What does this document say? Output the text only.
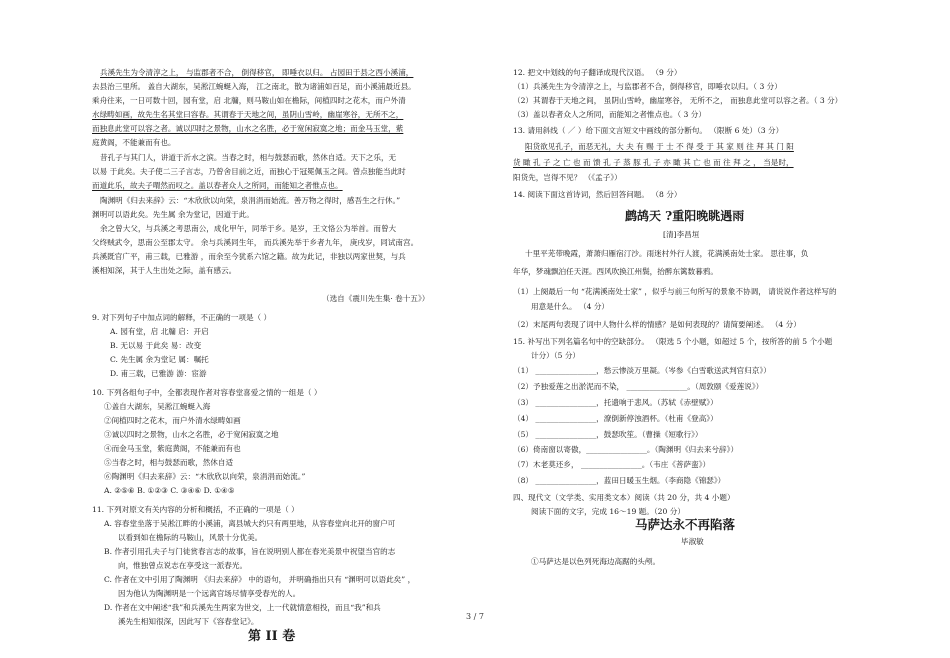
兵溪先生为令清淳之上， 与监郡者不合， 倒得移官， 即唾衣以归。 占园田于县之西小溪浦，
去县治三里所。 盖自大湖东，吴淞江蜿蜒入海， 江之南北，散为诸浦如百足，而小溪浦最近县。
乘舟往来，一日可数十回，园有堂，启 北牖，则马鞍山如在檐际，间植四时之花木，而户外清
水绿畴如画，故先生名其堂曰容春。其谓春于天地之间，虽阴山雪岭，幽崖寒谷，无所不之，
而独息此堂可以容之者。诚以四时之景物，山水之名胜，必于宽闲寂寞之地；而金马玉堂，紫
庭黄阁，不能兼而有也。
昔孔子与其门人，讲道于沂水之滨。当春之时，相与鼓瑟而歌，然休自适。天下之乐，无
以易 于此矣。夫子使二三子言志，乃曾舍目前之近，而独心于冠冕佩玉之间。曾点独能当此时
而道此乐，故夫子喟然而叹之。盖以春者众人之所同，而能知之者惟点也。
陶渊明《归去来辞》云：“木欣欣以向荣，泉涓涓而始流。善万物之得时，感吾生之行休。”
渊明可以语此矣。先生属 余为堂记，因道于此。
余之曾大父，与兵溪之考思南公，成化甲午，同举于乡。是岁，王文恪公为举首。而曾大
父终贼武令，思南公至郡太守。 余与兵溪同生年， 而兵溪先举于乡者九年， 庚戌岁，同试南宫。
兵溪既官广平，甫三载，已雅游 ，而余至今犹系六馆之籍。故为此记，非独以两家世契，与兵
溪相知深，其于人生出处之际，盖有感云。
（选自《震川先生集· 卷十五》）
9. 对下列句子中加点词的解释，不正确的一项是（ ）
A. 园有堂，启 北牖 启：开启
B. 无以易 于此矣 易：改变
C. 先生属 余为堂记 属：嘱托
D. 甫三载，已雅游 游：宦游
10. 下列各组句子中，全都表现作者对容春堂喜爱之情的一组是（ ）
①盖自大湖东，吴淞江蜿蜒入海
②间植四时之花木，而户外清水绿畴如画
③诚以四时之景物，山水之名胜，必于宽闲寂寞之地
④而金马玉堂，紫庭黄阁，不能兼而有也
⑤当春之时，相与鼓瑟而歌，然休自适
⑥陶渊明《归去来辞》云：“木欣欣以向荣，泉涓涓而始流。”
A. ②⑤⑥ B. ①②③ C. ③④⑥ D. ①④⑤
11. 下列对原文有关内容的分析和概括，不正确的一项是（ ）
A. 容春堂坐落于吴淞江畔的小溪浦，离县城大约只有两里地，从容春堂向北开的窗户可
以看到如在檐际的马鞍山，风景十分优美。
B. 作者引用孔夫子与门徒赏春言志的故事，旨在说明别人都在春光美景中祝望当官的志
向，惟独曾点说志在享受这一派春光。
C. 作者在文中引用了陶渊明 《归去来辞》 中的语句， 并明确指出只有 “渊明可以语此矣” ，
因为他认为陶渊明是一个远离官场尽情享受春光的人。
D. 作者在文中阐述“我”和兵溪先生两家为世交，上一代就情意相投，而且“我”和兵
溪先生相知很深，因此写下《容春堂记》。
第 II 卷
12. 把文中划线的句子翻译成现代汉语。 （9 分）
（1）兵溪先生为令清淳之上，与监郡者不合，倒得移官，即唾衣以归。（ 3 分）
（2）其谓春于天地之间， 虽阴山雪岭，幽崖寒谷， 无所不之， 而独息此堂可以容之者。（ 3 分）
（3）盖以春者众人之所同，而能知之者惟点也。（ 3 分）
13. 请用斜线（ ／ ）给下面文言短文中画线的部分断句。 （限断 6 处）（3 分）
阳货欲见孔子，而恶无礼，大 夫 有 赐 于 士 不 得 受 于 其 家 则 往 拜 其 门 阳
货 瞰 孔 子 之 亡 也 而 馈 孔 子 蒸 豚 孔 子 亦 瞰 其 亡 也 而 往 拜 之 ， 当是时，
阳货先，岂得不见？ （《孟子》）
14. 阅读下面这首诗词，然后回答问题。 （8 分）
[清]李昌垣
十里平芜带晚霞，萧萧归雁宿汀沙。雨迷村外行人渡，花满溪南处士家。 思往事，负
年华，梦魂飘泊任天涯。西风吹换江州鬓，抬醉东篱数暮鸦。
（1）上阕最后一句 “花满溪南处士家” ，似乎与前三句所写的景象不协调， 请说说作者这样写的
用意是什么。 （4 分）
（2）末尾两句表现了词中人物什么样的情感？是如何表现的？请简要阐述。 （4 分）
15. 补写出下列名篇名句中的空缺部分。 （限选 5 个小题，如超过 5 个，按所答的前 5 个小题
计分）（5 分）
（1） ________________，愁云惨淡万里凝。（岑参《白雪歌送武判官归京》）
（2）予独爱莲之出淤泥而不染， ________________。（周敦颐《爱莲说》）
（3） ________________，托遗响于悲风。（苏轼《赤壁赋》）
（4） ________________，潦倒新停浊酒杯。（杜甫《登高》）
（5） ________________，鼓瑟吹笙。（曹操《短歌行》）
（6）倚南窗以寄傲，________________。（陶渊明《归去来兮辞》）
（7）木老莫还乡， ________________。（韦庄《菩萨蛮》）
（8） ________________，蓝田日暖玉生烟。（李商隐《锦瑟》）
四、现代文（文学类、实用类文本）阅读（共 20 分，共 4 小题）
阅读下面的文字，完成 16～19 题。（20 分）
毕淑敏
①马萨达是以色列死海边高踞的头颅。
鹧鸪天 ?重阳晚眺遇雨
马萨达永不再陷落
3 / 7
